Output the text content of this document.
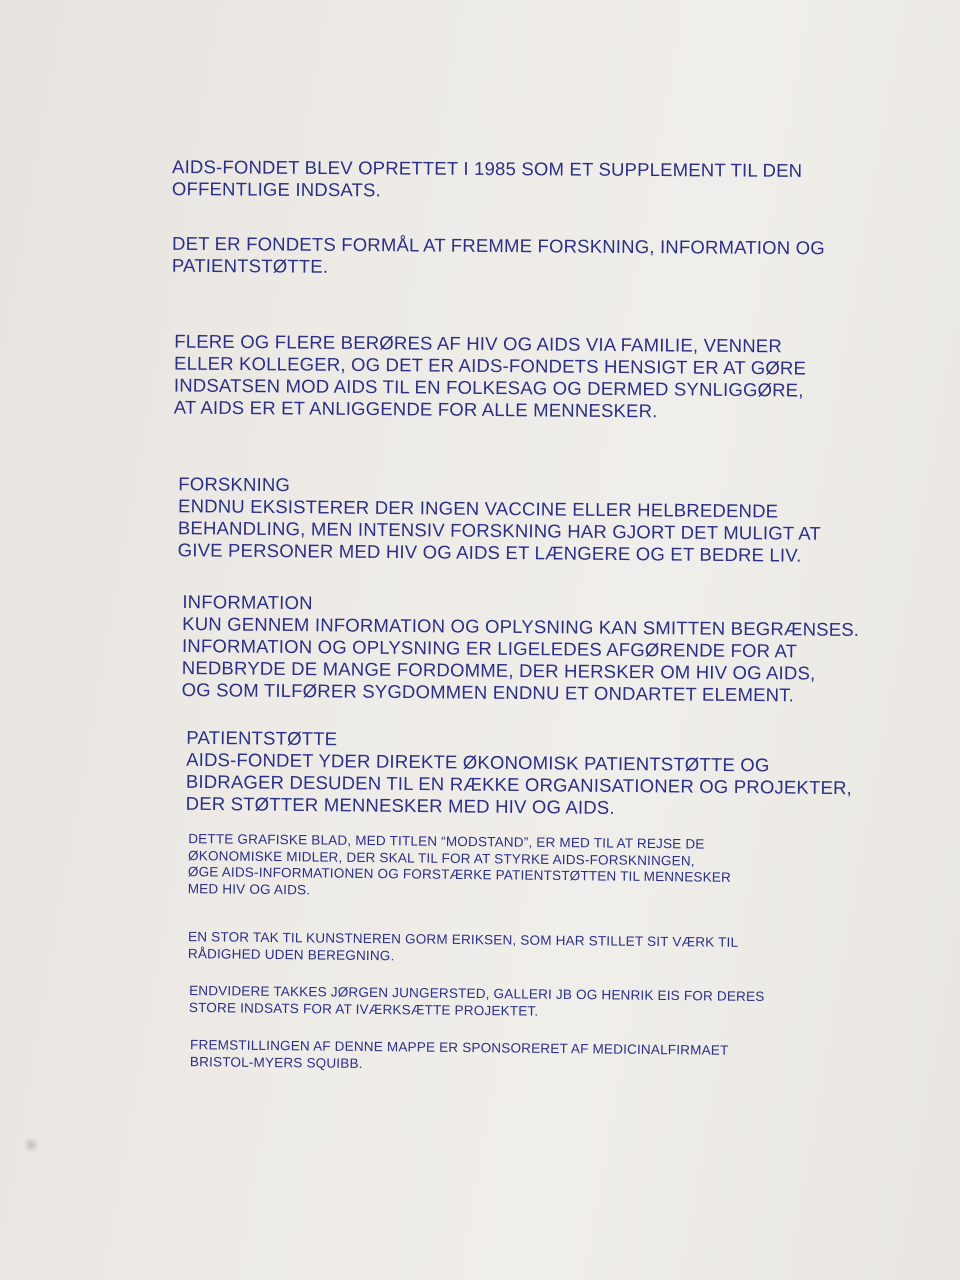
AIDS-FONDET BLEV OPRETTET I 1985 SOM ET SUPPLEMENT TIL DEN
OFFENTLIGE INDSATS.
DET ER FONDETS FORMÅL AT FREMME FORSKNING, INFORMATION OG
PATIENTSTØTTE.
FLERE OG FLERE BERØRES AF HIV OG AIDS VIA FAMILIE, VENNER
ELLER KOLLEGER, OG DET ER AIDS-FONDETS HENSIGT ER AT GØRE
INDSATSEN MOD AIDS TIL EN FOLKESAG OG DERMED SYNLIGGØRE,
AT AIDS ER ET ANLIGGENDE FOR ALLE MENNESKER.
FORSKNING
ENDNU EKSISTERER DER INGEN VACCINE ELLER HELBREDENDE
BEHANDLING, MEN INTENSIV FORSKNING HAR GJORT DET MULIGT AT
GIVE PERSONER MED HIV OG AIDS ET LÆNGERE OG ET BEDRE LIV.
INFORMATION
KUN GENNEM INFORMATION OG OPLYSNING KAN SMITTEN BEGRÆNSES.
INFORMATION OG OPLYSNING ER LIGELEDES AFGØRENDE FOR AT
NEDBRYDE DE MANGE FORDOMME, DER HERSKER OM HIV OG AIDS,
OG SOM TILFØRER SYGDOMMEN ENDNU ET ONDARTET ELEMENT.
PATIENTSTØTTE
AIDS-FONDET YDER DIREKTE ØKONOMISK PATIENTSTØTTE OG
BIDRAGER DESUDEN TIL EN RÆKKE ORGANISATIONER OG PROJEKTER,
DER STØTTER MENNESKER MED HIV OG AIDS.
DETTE GRAFISKE BLAD, MED TITLEN “MODSTAND”, ER MED TIL AT REJSE DE
ØKONOMISKE MIDLER, DER SKAL TIL FOR AT STYRKE AIDS-FORSKNINGEN,
ØGE AIDS-INFORMATIONEN OG FORSTÆRKE PATIENTSTØTTEN TIL MENNESKER
MED HIV OG AIDS.
EN STOR TAK TIL KUNSTNEREN GORM ERIKSEN, SOM HAR STILLET SIT VÆRK TIL
RÅDIGHED UDEN BEREGNING.
ENDVIDERE TAKKES JØRGEN JUNGERSTED, GALLERI JB OG HENRIK EIS FOR DERES
STORE INDSATS FOR AT IVÆRKSÆTTE PROJEKTET.
FREMSTILLINGEN AF DENNE MAPPE ER SPONSORERET AF MEDICINALFIRMAET
BRISTOL-MYERS SQUIBB.
